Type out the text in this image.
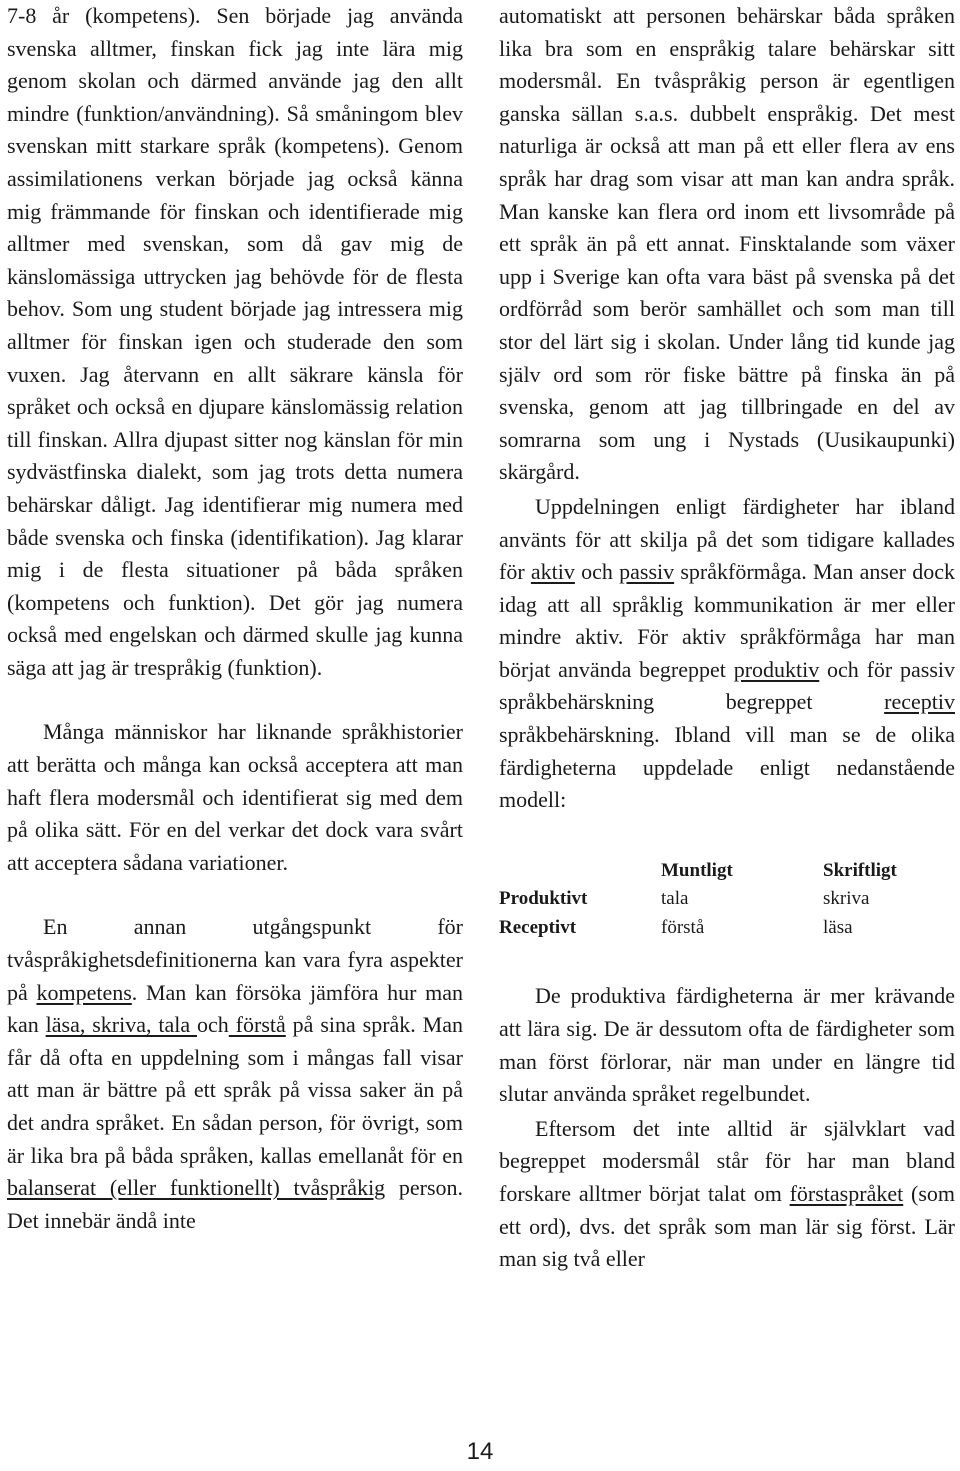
7-8 år (kompetens). Sen började jag använda svenska alltmer, finskan fick jag inte lära mig genom skolan och därmed använde jag den allt mindre (funktion/användning). Så småningom blev svenskan mitt starkare språk (kompetens). Genom assimilationens verkan började jag också känna mig främmande för finskan och identifierade mig alltmer med svenskan, som då gav mig de känslomässiga uttrycken jag behövde för de flesta behov. Som ung student började jag intressera mig alltmer för finskan igen och studerade den som vuxen. Jag återvann en allt säkrare känsla för språket och också en djupare känslomässig relation till finskan. Allra djupast sitter nog känslan för min sydvästfinska dialekt, som jag trots detta numera behärskar dåligt. Jag identifierar mig numera med både svenska och finska (identifikation). Jag klarar mig i de flesta situationer på båda språken (kompetens och funktion). Det gör jag numera också med engelskan och därmed skulle jag kunna säga att jag är trespråkig (funktion).

Många människor har liknande språkhistorier att berätta och många kan också acceptera att man haft flera modersmål och identifierat sig med dem på olika sätt. För en del verkar det dock vara svårt att acceptera sådana variationer.

En annan utgångspunkt för tvåspråkighetsdefinitionerna kan vara fyra aspekter på kompetens. Man kan försöka jämföra hur man kan läsa, skriva, tala och förstå på sina språk. Man får då ofta en uppdelning som i mångas fall visar att man är bättre på ett språk på vissa saker än på det andra språket. En sådan person, för övrigt, som är lika bra på båda språken, kallas emellanåt för en balanserat (eller funktionellt) tvåspråkig person. Det innebär ändå inte

automatiskt att personen behärskar båda språken lika bra som en enspråkig talare behärskar sitt modersmål. En tvåspråkig person är egentligen ganska sällan s.a.s. dubbelt enspråkig. Det mest naturliga är också att man på ett eller flera av ens språk har drag som visar att man kan andra språk. Man kanske kan flera ord inom ett livsområde på ett språk än på ett annat. Finsktalande som växer upp i Sverige kan ofta vara bäst på svenska på det ordförråd som berör samhället och som man till stor del lärt sig i skolan. Under lång tid kunde jag själv ord som rör fiske bättre på finska än på svenska, genom att jag tillbringade en del av somrarna som ung i Nystads (Uusikaupunki) skärgård.

Uppdelningen enligt färdigheter har ibland använts för att skilja på det som tidigare kallades för aktiv och passiv språkförmåga. Man anser dock idag att all språklig kommunikation är mer eller mindre aktiv. För aktiv språkförmåga har man börjat använda begreppet produktiv och för passiv språkbehärskning begreppet receptiv språkbehärskning. Ibland vill man se de olika färdigheterna uppdelade enligt nedanstående modell:

	Muntligt	Skriftligt
Produktivt	tala	skriva
Receptivt	förstå	läsa

De produktiva färdigheterna är mer krävande att lära sig. De är dessutom ofta de färdigheter som man först förlorar, när man under en längre tid slutar använda språket regelbundet.

Eftersom det inte alltid är självklart vad begreppet modersmål står för har man bland forskare alltmer börjat talat om förstaspråket (som ett ord), dvs. det språk som man lär sig först. Lär man sig två eller

14
